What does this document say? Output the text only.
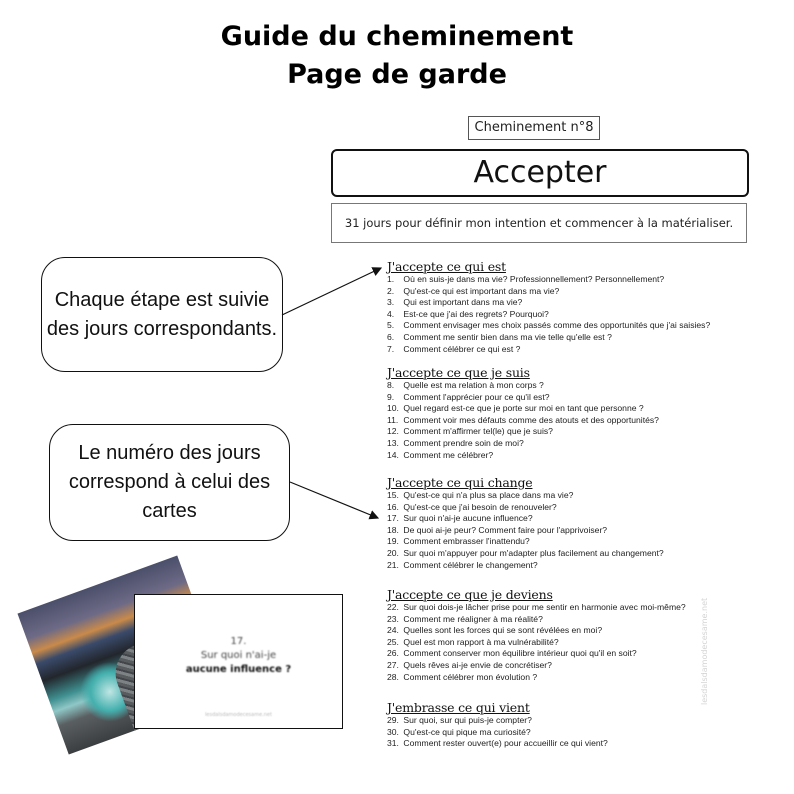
Guide du cheminement
Page de garde
Cheminement n°8
Accepter
31 jours pour définir mon intention et commencer à la matérialiser.
Chaque étape est suivie des jours correspondants.
Le numéro des jours correspond à celui des cartes
J'accepte ce qui est
1. Où en suis-je dans ma vie? Professionnellement? Personnellement?
2. Qu'est-ce qui est important dans ma vie?
3. Qui est important dans ma vie?
4. Est-ce que j'ai des regrets? Pourquoi?
5. Comment envisager mes choix passés comme des opportunités que j'ai saisies?
6. Comment me sentir bien dans ma vie telle qu'elle est ?
7. Comment célébrer ce qui est ?
J'accepte ce que je suis
8. Quelle est ma relation à mon corps ?
9. Comment l'apprécier pour ce qu'il est?
10. Quel regard est-ce que je porte sur moi en tant que personne ?
11. Comment voir mes défauts comme des atouts et des opportunités?
12. Comment m'affirmer tel(le) que je suis?
13. Comment prendre soin de moi?
14. Comment me célébrer?
J'accepte ce qui change
15. Qu'est-ce qui n'a plus sa place dans ma vie?
16. Qu'est-ce que j'ai besoin de renouveler?
17. Sur quoi n'ai-je aucune influence?
18. De quoi ai-je peur? Comment faire pour l'apprivoiser?
19. Comment embrasser l'inattendu?
20. Sur quoi m'appuyer pour m'adapter plus facilement au changement?
21. Comment célébrer le changement?
J'accepte ce que je deviens
22. Sur quoi dois-je lâcher prise pour me sentir en harmonie avec moi-même?
23. Comment me réaligner à ma réalité?
24. Quelles sont les forces qui se sont révélées en moi?
25. Quel est mon rapport à ma vulnérabilité?
26. Comment conserver mon équilibre intérieur quoi qu'il en soit?
27. Quels rêves ai-je envie de concrétiser?
28. Comment célébrer mon évolution ?
J'embrasse ce qui vient
29. Sur quoi, sur qui puis-je compter?
30. Qu'est-ce qui pique ma curiosité?
31. Comment rester ouvert(e) pour accueillir ce qui vient?
17.
Sur quoi n'ai-je
aucune influence ?
lesdalsdamodecesame.net
lesdalsdamodecesame.net
